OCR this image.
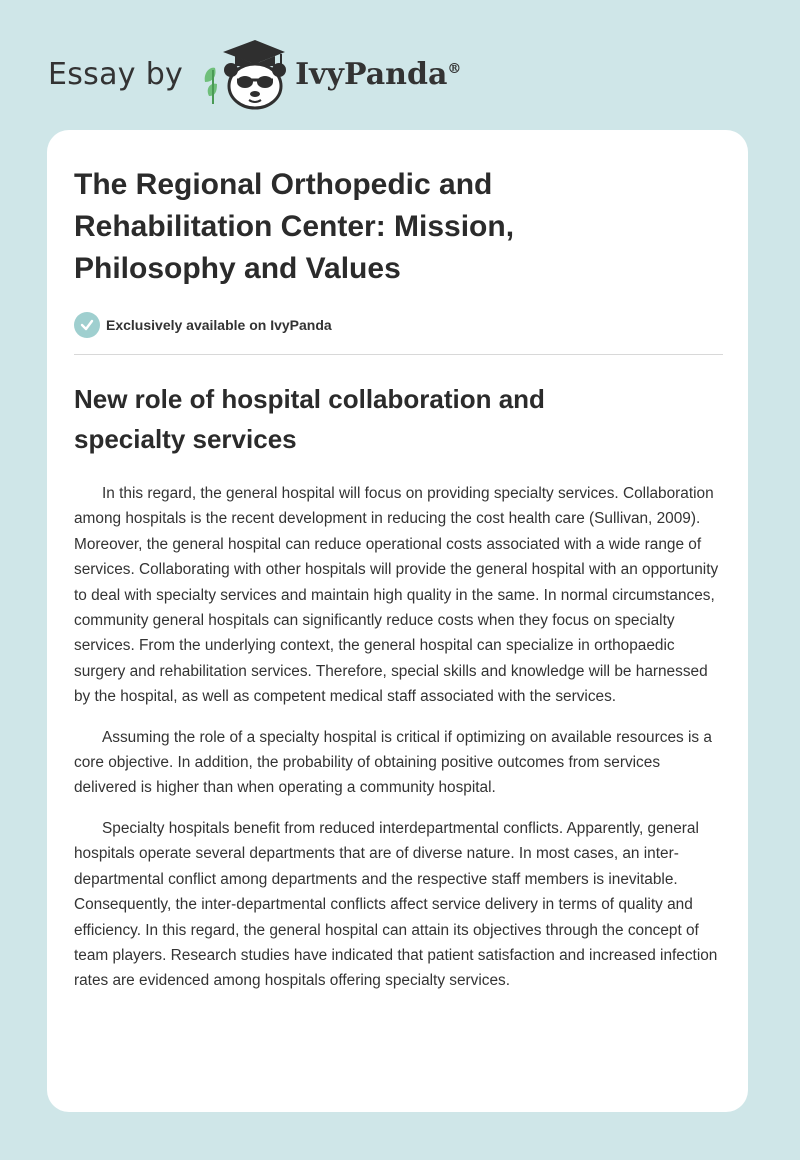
Essay by	IvyPanda®
The Regional Orthopedic and Rehabilitation Center: Mission, Philosophy and Values
Exclusively available on IvyPanda
New role of hospital collaboration and specialty services

In this regard, the general hospital will focus on providing specialty services. Collaboration among hospitals is the recent development in reducing the cost health care (Sullivan, 2009). Moreover, the general hospital can reduce operational costs associated with a wide range of services. Collaborating with other hospitals will provide the general hospital with an opportunity to deal with specialty services and maintain high quality in the same. In normal circumstances, community general hospitals can significantly reduce costs when they focus on specialty services. From the underlying context, the general hospital can specialize in orthopaedic surgery and rehabilitation services. Therefore, special skills and knowledge will be harnessed by the hospital, as well as competent medical staff associated with the services.

Assuming the role of a specialty hospital is critical if optimizing on available resources is a core objective. In addition, the probability of obtaining positive outcomes from services delivered is higher than when operating a community hospital.

Specialty hospitals benefit from reduced interdepartmental conflicts. Apparently, general hospitals operate several departments that are of diverse nature. In most cases, an inter-departmental conflict among departments and the respective staff members is inevitable. Consequently, the inter-departmental conflicts affect service delivery in terms of quality and efficiency. In this regard, the general hospital can attain its objectives through the concept of team players. Research studies have indicated that patient satisfaction and increased infection rates are evidenced among hospitals offering specialty services.
